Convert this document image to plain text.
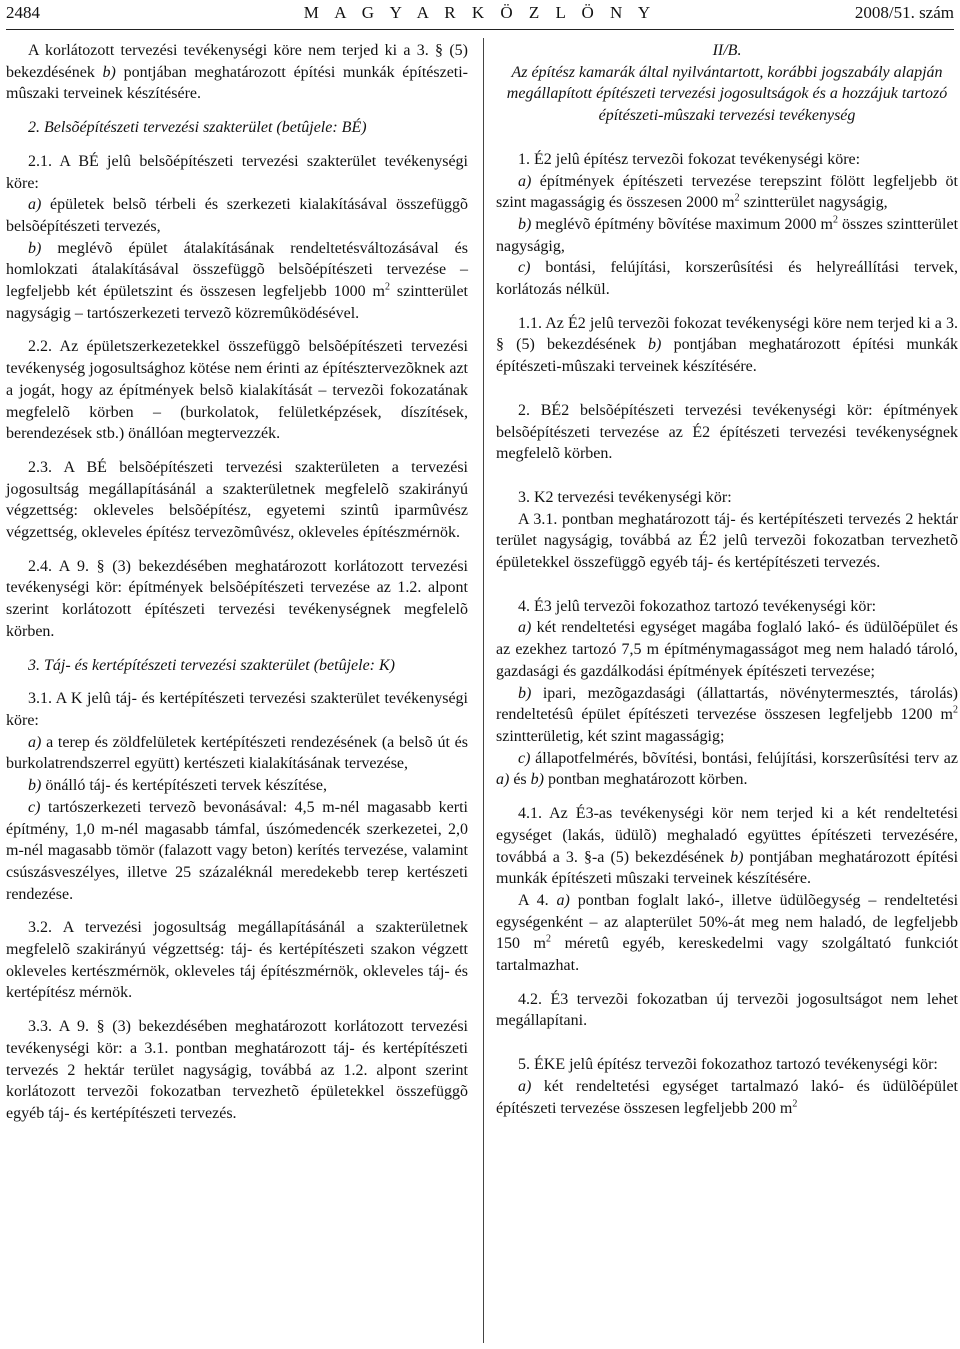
2484	M A G Y A R K Ö Z L Ö N Y	2008/51. szám

A korlátozott tervezési tevékenységi köre nem terjed ki a 3. § (5) bekezdésének b) pontjában meghatározott építési munkák építészeti-mûszaki terveinek készítésére.

2. Belsõépítészeti tervezési szakterület (betûjele: BÉ)

2.1. A BÉ jelû belsõépítészeti tervezési szakterület tevékenységi köre:

a) épületek belsõ térbeli és szerkezeti kialakításával összefüggõ belsõépítészeti tervezés,

b) meglévõ épület átalakításának rendeltetésváltozásával és homlokzati átalakításával összefüggõ belsõépítészeti tervezése – legfeljebb két épületszint és összesen legfeljebb 1000 $m^2$ szintterület nagyságig – tartószerkezeti tervezõ közremûködésével.

2.2. Az épületszerkezetekkel összefüggõ belsõépítészeti tervezési tevékenység jogosultsághoz kötése nem érinti az építésztervezõknek azt a jogát, hogy az építmények belsõ kialakítását – tervezõi fokozatának megfelelõ körben – (burkolatok, felületképzések, díszítések, berendezések stb.) önállóan megtervezzék.

2.3. A BÉ belsõépítészeti tervezési szakterületen a tervezési jogosultság megállapításánál a szakterületnek megfelelõ szakirányú végzettség: okleveles belsõépítész, egyetemi szintû iparmûvész végzettség, okleveles építész tervezõmûvész, okleveles építészmérnök.

2.4. A 9. § (3) bekezdésében meghatározott korlátozott tervezési tevékenységi kör: építmények belsõépítészeti tervezése az 1.2. alpont szerint korlátozott építészeti tervezési tevékenységnek megfelelõ körben.

3. Táj- és kertépítészeti tervezési szakterület (betûjele: K)

3.1. A K jelû táj- és kertépítészeti tervezési szakterület tevékenységi köre:

a) a terep és zöldfelületek kertépítészeti rendezésének (a belsõ út és burkolatrendszerrel együtt) kertészeti kialakításának tervezése,

b) önálló táj- és kertépítészeti tervek készítése,

c) tartószerkezeti tervezõ bevonásával: 4,5 m-nél magasabb kerti építmény, 1,0 m-nél magasabb támfal, úszómedencék szerkezetei, 2,0 m-nél magasabb tömör (falazott vagy beton) kerítés tervezése, valamint csúszásveszélyes, illetve 25 százaléknál meredekebb terep kertészeti rendezése.

3.2. A tervezési jogosultság megállapításánál a szakterületnek megfelelõ szakirányú végzettség: táj- és kertépítészeti szakon végzett okleveles kertészmérnök, okleveles táj építészmérnök, okleveles táj- és kertépítész mérnök.

3.3. A 9. § (3) bekezdésében meghatározott korlátozott tervezési tevékenységi kör: a 3.1. pontban meghatározott táj- és kertépítészeti tervezés 2 hektár terület nagyságig, továbbá az 1.2. alpont szerint korlátozott tervezõi fokozatban tervezhetõ épületekkel összefüggõ egyéb táj- és kertépítészeti tervezés.

II/B.

Az építész kamarák által nyilvántartott, korábbi jogszabály alapján megállapított építészeti tervezési jogosultságok és a hozzájuk tartozó építészeti-mûszaki tervezési tevékenység

1. É2 jelû építész tervezõi fokozat tevékenységi köre:

a) építmények építészeti tervezése terepszint fölött legfeljebb öt szint magasságig és összesen 2000 $m^2$ szintterület nagyságig,

b) meglévõ építmény bõvítése maximum 2000 $m^2$ összes szintterület nagyságig,

c) bontási, felújítási, korszerûsítési és helyreállítási tervek, korlátozás nélkül.

1.1. Az É2 jelû tervezõi fokozat tevékenységi köre nem terjed ki a 3. § (5) bekezdésének b) pontjában meghatározott építési munkák építészeti-mûszaki terveinek készítésére.

2. BÉ2 belsõépítészeti tervezési tevékenységi kör: építmények belsõépítészeti tervezése az É2 építészeti tervezési tevékenységnek megfelelõ körben.

3. K2 tervezési tevékenységi kör:

A 3.1. pontban meghatározott táj- és kertépítészeti tervezés 2 hektár terület nagyságig, továbbá az É2 jelû tervezõi fokozatban tervezhetõ épületekkel összefüggõ egyéb táj- és kertépítészeti tervezés.

4. É3 jelû tervezõi fokozathoz tartozó tevékenységi kör:

a) két rendeltetési egységet magába foglaló lakó- és üdülõépület és az ezekhez tartozó 7,5 m építménymagasságot meg nem haladó tároló, gazdasági és gazdálkodási építmények építészeti tervezése;

b) ipari, mezõgazdasági (állattartás, növénytermesztés, tárolás) rendeltetésû épület építészeti tervezése összesen legfeljebb 1200 $m^2$ szintterületig, két szint magasságig;

c) állapotfelmérés, bõvítési, bontási, felújítási, korszerûsítési terv az a) és b) pontban meghatározott körben.

4.1. Az É3-as tevékenységi kör nem terjed ki a két rendeltetési egységet (lakás, üdülõ) meghaladó együttes építészeti tervezésére, továbbá a 3. §-a (5) bekezdésének b) pontjában meghatározott építési munkák építészeti mûszaki terveinek készítésére.

A 4. a) pontban foglalt lakó-, illetve üdülõegység – rendeltetési egységenként – az alapterület 50%-át meg nem haladó, de legfeljebb 150 $m^2$ méretû egyéb, kereskedelmi vagy szolgáltató funkciót tartalmazhat.

4.2. É3 tervezõi fokozatban új tervezõi jogosultságot nem lehet megállapítani.

5. ÉKE jelû építész tervezõi fokozathoz tartozó tevékenységi kör:

a) két rendeltetési egységet tartalmazó lakó- és üdülõépület építészeti tervezése összesen legfeljebb 200 $m^2$
